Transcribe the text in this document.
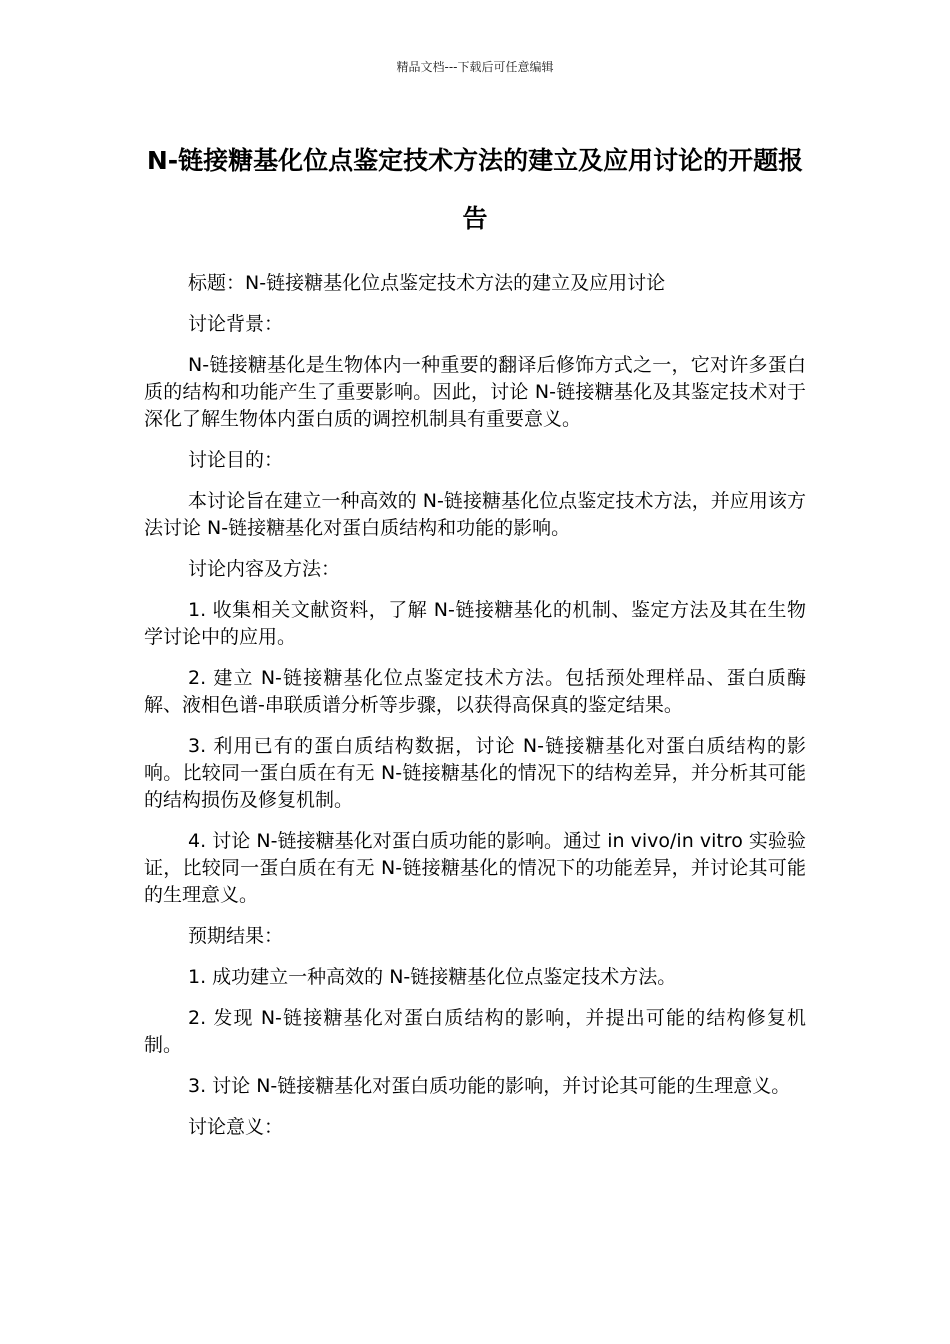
精品文档---下载后可任意编辑
N-链接糖基化位点鉴定技术方法的建立及应用讨论的开题报告

标题：N-链接糖基化位点鉴定技术方法的建立及应用讨论

讨论背景：

N-链接糖基化是生物体内一种重要的翻译后修饰方式之一，它对许多蛋白质的结构和功能产生了重要影响。因此，讨论 N-链接糖基化及其鉴定技术对于深化了解生物体内蛋白质的调控机制具有重要意义。

讨论目的：

本讨论旨在建立一种高效的 N-链接糖基化位点鉴定技术方法，并应用该方法讨论 N-链接糖基化对蛋白质结构和功能的影响。

讨论内容及方法：

1. 收集相关文献资料，了解 N-链接糖基化的机制、鉴定方法及其在生物学讨论中的应用。

2. 建立 N-链接糖基化位点鉴定技术方法。包括预处理样品、蛋白质酶解、液相色谱-串联质谱分析等步骤，以获得高保真的鉴定结果。

3. 利用已有的蛋白质结构数据，讨论 N-链接糖基化对蛋白质结构的影响。比较同一蛋白质在有无 N-链接糖基化的情况下的结构差异，并分析其可能的结构损伤及修复机制。

4. 讨论 N-链接糖基化对蛋白质功能的影响。通过 in vivo/in vitro 实验验证，比较同一蛋白质在有无 N-链接糖基化的情况下的功能差异，并讨论其可能的生理意义。

预期结果：

1. 成功建立一种高效的 N-链接糖基化位点鉴定技术方法。

2. 发现 N-链接糖基化对蛋白质结构的影响，并提出可能的结构修复机制。

3. 讨论 N-链接糖基化对蛋白质功能的影响，并讨论其可能的生理意义。

讨论意义：
